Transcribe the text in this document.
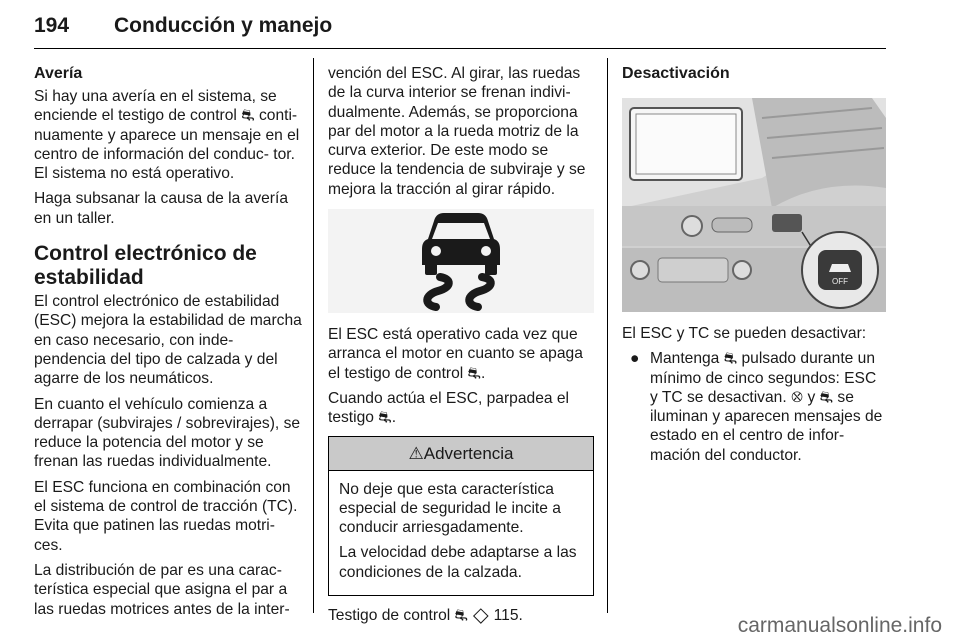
194 Conducción y manejo
Avería

Si hay una avería en el sistema, se enciende el testigo de control ⛐ conti- nuamente y aparece un mensaje en el centro de información del conduc- tor. El sistema no está operativo.

Haga subsanar la causa de la avería en un taller.

Control electrónico de estabilidad

El control electrónico de estabilidad (ESC) mejora la estabilidad de marcha en caso necesario, con inde- pendencia del tipo de calzada y del agarre de los neumáticos.

En cuanto el vehículo comienza a derrapar (subvirajes / sobrevirajes), se reduce la potencia del motor y se frenan las ruedas individualmente.

El ESC funciona en combinación con el sistema de control de tracción (TC). Evita que patinen las ruedas motri- ces.

La distribución de par es una carac- terística especial que asigna el par a las ruedas motrices antes de la inter-

vención del ESC. Al girar, las ruedas de la curva interior se frenan indivi- dualmente. Además, se proporciona par del motor a la rueda motriz de la curva exterior. De este modo se reduce la tendencia de subviraje y se mejora la tracción al girar rápido.

El ESC está operativo cada vez que arranca el motor en cuanto se apaga el testigo de control ⛐.

Cuando actúa el ESC, parpadea el testigo ⛐.

⚠Advertencia

No deje que esta característica especial de seguridad le incite a conducir arriesgadamente.

La velocidad debe adaptarse a las condiciones de la calzada.

Testigo de control ⛐ ◇ 115.

Desactivación
OFF

El ESC y TC se pueden desactivar:

● Mantenga ⛐ pulsado durante un mínimo de cinco segundos: ESC y TC se desactivan. ⛒ y ⛐ se iluminan y aparecen mensajes de estado en el centro de infor- mación del conductor.
carmanualsonline.info
